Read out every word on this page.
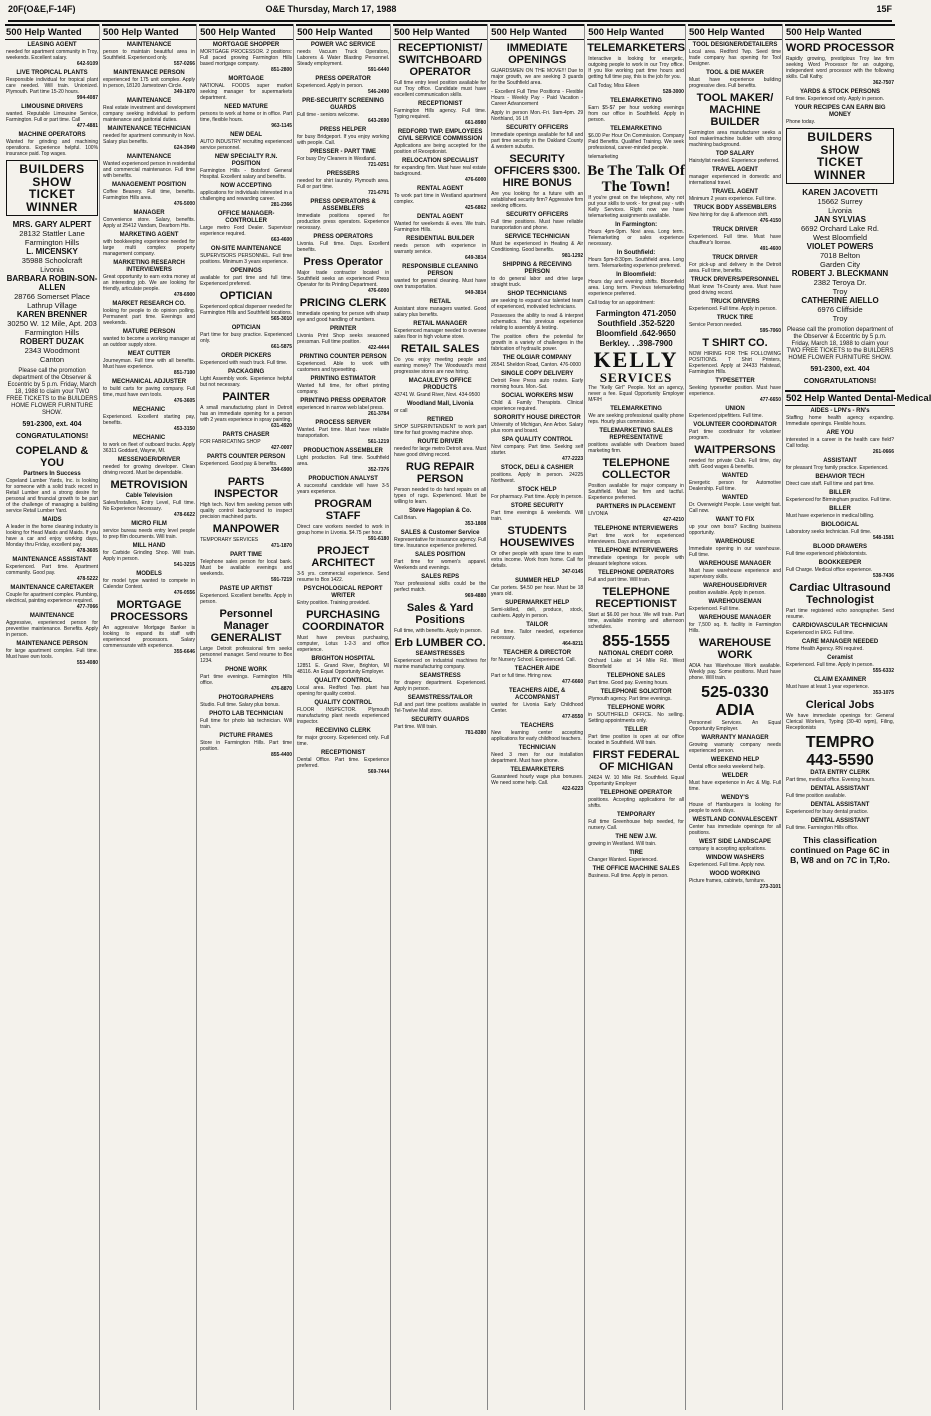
20F(O&E,F-14F)	O&E Thursday, March 17, 1988	15F
500 Help Wanted
LEASING AGENT
needed for apartment community in Troy, weekends. Excellent salary.
642-9109
LIVE TROPICAL PLANTS
Responsible individual for tropical plant care needed. Will train. Unionized. Plymouth. Part time 15-20 hours.
994-4087
LIMOUSINE DRIVERS
wanted. Reputable Limousine Service, Farmington. Full or part time. Call
477-4881
MACHINE OPERATORS
Wanted for grinding and machining operations. Experience helpful. 100% insurance paid. Top wages.
BUILDERS
SHOW
TICKET
WINNER
MRS. GARY ALPERT
28132 Stattler Lane
Farmington Hills
L. MICENSKY
35988 Schoolcraft
Livonia
BARBARA ROBIN-SON-ALLEN
28766 Somerset Place
Lathrup Village
KAREN BRENNER
30250 W. 12 Mile, Apt. 203
Farmington Hills
ROBERT DUZAK
2343 Woodmont
Canton
Please call the promotion department of the Observer & Eccentric by 5 p.m. Friday, March 18, 1988 to claim your TWO FREE TICKETS to the BUILDERS HOME FLOWER FURNITURE SHOW.
591-2300, ext. 404
CONGRATULATIONS!
COPELAND & YOU
Partners In Success
Copeland Lumber Yards, Inc. is looking for someone with a solid track record in Retail Lumber and a strong desire for personal and financial growth to be part of the challenge of managing a building service Retail Lumber Yard.
MAIDS
A leader in the home cleaning industry is looking for Head Maids and Maids. If you have a car and enjoy working days, Monday thru Friday, excellent pay.
478-3605
MAINTENANCE ASSISTANT
Experienced. Part time. Apartment community. Good pay.
478-5222
MAINTENANCE CARETAKER
Couple for apartment complex. Plumbing, electrical, painting experience required.
477-7066
MAINTENANCE
Aggressive, experienced person for preventive maintenance. Benefits. Apply in person.
MAINTENANCE PERSON
for large apartment complex. Full time. Must have own tools.
553-4080
500 Help Wanted
MAINTENANCE
person to maintain beautiful area in Southfield. Experienced only.
557-0266
MAINTENANCE PERSON
experienced for 175 unit complex. Apply in person, 18120 Jamestown Circle.
349-1870
MAINTENANCE
Real estate investment and development company seeking individual to perform maintenance and janitorial duties.
MAINTENANCE TECHNICIAN
needed for apartment community in Novi. Salary plus benefits.
624-3949
MAINTENANCE
Wanted experienced person in residential and commercial maintenance. Full time with benefits.
MANAGEMENT POSITION
Coffee Beanery. Full time, benefits. Farmington Hills area.
476-5000
MANAGER
Convenience store. Salary, benefits. Apply at 25412 Vandam, Dearborn Hts.
MARKETING AGENT
with bookkeeping experience needed for large multi complex property management company.
MARKETING RESEARCH INTERVIEWERS
Great opportunity to earn extra money at an interesting job. We are looking for friendly, articulate people.
478-6900
MARKET RESEARCH CO.
looking for people to do opinion polling. Permanent part time. Evenings and weekends.
MATURE PERSON
wanted to become a working manager at an outdoor supply store.
MEAT CUTTER
Journeyman. Full time with all benefits. Must have experience.
851-7100
MECHANICAL ADJUSTER
to build carts for paving company. Full time, must have own tools.
476-3605
MECHANIC
Experienced. Excellent starting pay, benefits.
453-3150
MECHANIC
to work on fleet of outboard trucks. Apply 36311 Goddard, Wayne, MI.
MESSENGER/DRIVER
needed for growing developer. Clean driving record. Must be dependable.
METROVISION
Cable Television
Sales/Installers, Entry Level, Full time. No Experience Necessary.
478-6622
MICRO FILM
service bureau needs entry level people to prep film documents. Will train.
MILL HAND
for Carbide Grinding Shop. Will train. Apply in person.
541-3215
MODELS
for model type wanted to compete in Calendar Contest.
476-0556
MORTGAGE PROCESSORS
An aggressive Mortgage Banker is looking to expand its staff with experienced processors. Salary commensurate with experience.
355-6646
500 Help Wanted
MORTGAGE SHOPPER
MORTGAGE PROCESSOR. 2 positions: Full paced growing Farmington Hills based mortgage company.
851-2800
MORTGAGE
NATIONAL FOODS super market seeking manager for supermarkets department.
NEED MATURE
persons to work at home or in office. Part time, flexible hours.
963-1145
NEW DEAL
AUTO INDUSTRY recruiting experienced service personnel.
NEW SPECIALTY R.N. POSITION
Farmington Hills - Botsford General Hospital. Excellent salary and benefits.
NOW ACCEPTING
applications for individuals interested in a challenging and rewarding career.
281-2366
OFFICE MANAGER-CONTROLLER
Large metro Ford Dealer. Supervisor experience required.
663-4600
ON-SITE MAINTENANCE
SUPERVISORS PERSONNEL. Full time positions. Minimum 3 years experience.
OPENINGS
available for part time and full time. Experienced preferred.
OPTICIAN
Experienced optical dispenser needed for Farmington Hills and Southfield locations.
565-3010
OPTICIAN
Part time for busy practice. Experienced only.
661-5875
ORDER PICKERS
Experienced with reach truck. Full time.
PACKAGING
Light Assembly work. Experience helpful but not necessary.
PAINTER
A small manufacturing plant in Detroit has an immediate opening for a person with 2 years experience in spray painting.
631-4920
PARTS CHASER
FOR FABRICATING SHOP
427-0007
PARTS COUNTER PERSON
Experienced. Good pay & benefits.
334-6900
PARTS INSPECTOR
High tech. Novi firm seeking person with quality control background to inspect precision machined parts.
MANPOWER
TEMPORARY SERVICES
471-1870
PART TIME
Telephone sales person for local bank. Must be available evenings and weekends.
591-7219
PASTE UP ARTIST
Experienced. Excellent benefits. Apply in person.
Personnel Manager GENERALIST
Large Detroit professional firm seeks personnel manager. Send resume to Box 1234.
PHONE WORK
Part time evenings. Farmington Hills office.
476-8870
PHOTOGRAPHERS
Studio. Full time. Salary plus bonus.
PHOTO LAB TECHNICIAN
Full time for photo lab technician. Will train.
PICTURE FRAMES
Store in Farmington Hills. Part time position.
855-4400
500 Help Wanted
POWER VAC SERVICE
needs Vacuum Truck Operators, Laborers & Water Blasting Personnel. Steady employment.
591-6440
PRESS OPERATOR
Experienced. Apply in person.
546-2490
PRE-SECURITY SCREENING GUARDS
Full time - seniors welcome.
643-2690
PRESS HELPER
for busy Bridgeport. If you enjoy working with people. Call.
PRESSER - PART TIME
For busy Dry Cleaners in Westland.
721-0251
PRESSERS
needed for shirt laundry. Plymouth area. Full or part time.
721-6791
PRESS OPERATORS & ASSEMBLERS
Immediate positions opened for production press operators. Experience necessary.
PRESS OPERATORS
Livonia. Full time. Days. Excellent benefits.
Press Operator
Major trade contractor located in Southfield seeks an experienced Press Operator for its Printing Department.
476-6000
PRICING CLERK
Immediate opening for person with sharp eye and good handling of numbers.
PRINTER
Livonia Print Shop seeks seasoned pressman. Full time position.
422-4444
PRINTING COUNTER PERSON
Experienced. Able to work with customers and typesetting.
PRINTING ESTIMATOR
Wanted full time, for offset printing company.
PRINTING PRESS OPERATOR
experienced in narrow web label press.
261-3784
PROCESS SERVER
Wanted. Part time. Must have reliable transportation.
561-1219
PRODUCTION ASSEMBLER
Light production. Full time. Southfield area.
352-7376
PRODUCTION ANALYST
A successful candidate will have 3-5 years experience.
PROGRAM STAFF
Direct care workers needed to work in group home in Livonia. $4.75 per hour.
591-6180
PROJECT ARCHITECT
3-5 yrs. commercial experience. Send resume to Box 1422.
PSYCHOLOGICAL REPORT WRITER
Entry position. Training provided.
PURCHASING COORDINATOR
Must have previous purchasing, computer, Lotus 1-2-3 and office experience.
BRIGHTON HOSPITAL
12851 E. Grand River, Brighton, MI 48116. An Equal Opportunity Employer.
QUALITY CONTROL
Local area. Redford Twp. plant has opening for quality control.
QUALITY CONTROL
FLOOR INSPECTOR. Plymouth manufacturing plant needs experienced inspector.
RECEIVING CLERK
for major grocery. Experienced only. Full time.
RECEPTIONIST
Dental Office. Part time. Experience preferred.
569-7444
500 Help Wanted
RECEPTIONIST/ SWITCHBOARD OPERATOR
Full time entry level position available for our Troy office. Candidate must have excellent communication skills.
RECEPTIONIST
Farmington Hills agency. Full time. Typing required.
661-8980
REDFORD TWP. EMPLOYEES CIVIL SERVICE COMMISSION
Applications are being accepted for the position of Receptionist.
RELOCATION SPECIALIST
for expanding firm. Must have real estate background.
476-6000
RENTAL AGENT
To work part time in Westland apartment complex.
425-6862
DENTAL AGENT
Wanted for weekends & eves. We train. Farmington Hills.
RESIDENTIAL BUILDER
needs person with experience in warranty service.
649-3814
RESPONSIBLE CLEANING PERSON
wanted for general cleaning. Must have own transportation.
949-3814
RETAIL
Assistant store managers wanted. Good salary plus benefits.
RETAIL MANAGER
Experienced manager needed to oversee sales floor in high volume store.
RETAIL SALES
Do you enjoy meeting people and earning money? The Woodward's most progressive stores are now hiring.
MACAULEY'S OFFICE PRODUCTS
43741 W. Grand River, Novi. 434-9500
Woodland Mall, Livonia
or call
RETIRED
SHOP SUPERINTENDENT to work part time for fast growing machine shop.
ROUTE DRIVER
needed for large metro Detroit area. Must have good driving record.
RUG REPAIR PERSON
Person needed to do hand repairs on all types of rugs. Experienced. Must be willing to learn.
Steve Hagopian & Co.
Call Brian.
353-1808
SALES & Customer Service
Representative for insurance agency. Full time. Insurance experience preferred.
SALES POSITION
Part time for women's apparel. Weekends and evenings.
SALES REPS
Your professional skills could be the perfect match.
969-4880
Sales & Yard Positions
Full time, with benefits. Apply in person.
Erb LUMBER CO.
SEAMSTRESSES
Experienced on industrial machines for marine manufacturing company.
SEAMSTRESS
for drapery department. Experienced. Apply in person.
SEAMSTRESS/TAILOR
Full and part time positions available in Tel-Twelve Mall store.
SECURITY GUARDS
Part time. Will train.
781-8380
500 Help Wanted
IMMEDIATE OPENINGS
GUARDSMEN ON THE MOVE!!! Due to major growth, we are seeking 3 guards for the Southfield area.
- Excellent Full Time Positions - Flexible Hours - Weekly Pay - Paid Vacation - Career Advancement
Apply in person Mon.-Fri. 9am-4pm. 29 Northland, 16 Lfl
SECURITY OFFICERS
Immediate openings available for full and part time security in the Oakland County & western suburbs.
SECURITY OFFICERS $300. HIRE BONUS
Are you looking for a future with an established security firm? Aggressive firm seeking officers.
SECURITY OFFICERS
Full time positions. Must have reliable transportation and phone.
SERVICE TECHNICIAN
Must be experienced in Heating & Air Conditioning. Good benefits.
981-1292
SHIPPING & RECEIVING PERSON
to do general labor and drive large straight truck.
SHOP TECHNICIANS
are seeking to expand our talented team of experienced, motivated technicians.
Possesses the ability to read & interpret schematics. Has previous experience relating to assembly & testing.
The position offers the potential for growth in a variety of challenges in the fabrication of hydraulic power.
THE OLGIAR COMPANY
26541 Sheldon Road, Canton. 476-0000
SINGLE COPY DELIVERY
Detroit Free Press auto routes. Early morning hours. Mon.-Sat.
SOCIAL WORKERS MSW
Child & Family Therapists. Clinical experience required.
SORORITY HOUSE DIRECTOR
University of Michigan, Ann Arbor. Salary plus room and board.
SPA QUALITY CONTROL
Novi company. Part time. Seeking self starter.
477-2223
STOCK, DELI & CASHIER
positions. Apply in person. 24225 Northwest.
STOCK HELP
For pharmacy. Part time. Apply in person.
STORE SECURITY
Part time evenings & weekends. Will train.
STUDENTS HOUSEWIVES
Or other people with spare time to earn extra income. Work from home. Call for details.
347-0145
SUMMER HELP
Car porters. $4.50 per hour. Must be 18 years old.
SUPERMARKET HELP
Semi-skilled, deli, produce, stock, cashiers. Apply in person.
TAILOR
Full time. Tailor needed, experience necessary.
464-8211
TEACHER & DIRECTOR
for Nursery School. Experienced. Call.
TEACHER AIDE
Part or full time. Hiring now.
477-6660
TEACHERS AIDE, & ACCOMPANIST
wanted for Livonia Early Childhood Center.
477-8550
TEACHERS
New learning center accepting applications for early childhood teachers.
TECHNICIAN
Need 3 men for our installation department. Must have phone.
TELEMARKETERS
Guaranteed hourly wage plus bonuses. We need some help. Call.
422-6223
500 Help Wanted
TELEMARKETERS
Interactive is looking for energetic, outgoing people to work in our Troy office. If you like working part time hours and getting full time pay, this is the job for you.
Call Today, Miss Eileen
528-3000
TELEMARKETING
Earn $5-$7 per hour working evenings from our office in Southfield. Apply in person.
TELEMARKETING
$6.00 Per Hour On Commission. Company Paid Benefits. Qualified Training. We seek professional, career-minded people.
telemarketing
Be The Talk Of The Town!
If you're great on the telephone, why not put your skills to work - for great pay - with Kelly Services. Right now we have telemarketing assignments available.
In Farmington:
Hours 4pm-9pm. Novi area. Long term. Telemarketing or sales experience necessary.
In Southfield:
Hours 5pm-8:30pm. Southfield area. Long term. Telemarketing experience preferred.
In Bloomfield:
Hours day and evening shifts. Bloomfield area. Long term. Previous telemarketing experience preferred.
Call today for an appointment:
Farmington 471-2050
Southfield .352-5220
Bloomfield .642-9650
Berkley. . .398-7900
KELLY
SERVICES
The "Kelly Girl" People. Not an agency, never a fee. Equal Opportunity Employer M/F/H
TELEMARKETING
We are seeking professional quality phone reps. Hourly plus commission.
TELEMARKETING SALES REPRESENTATIVE
positions available with Dearborn based marketing firm.
TELEPHONE COLLECTOR
Position available for major company in Southfield. Must be firm and tactful. Experience preferred.
PARTNERS IN PLACEMENT
LIVONIA
427-4210
TELEPHONE INTERVIEWERS
Part time work for experienced interviewers. Days and evenings.
TELEPHONE INTERVIEWERS
Immediate openings for people with pleasant telephone voices.
TELEPHONE OPERATORS
Full and part time. Will train.
TELEPHONE RECEPTIONIST
Start at $6.00 per hour. We will train. Part time, available morning and afternoon schedules.
855-1555
NATIONAL CREDIT CORP.
Orchard Lake at 14 Mile Rd. West Bloomfield
TELEPHONE SALES
Part time. Good pay. Evening hours.
TELEPHONE SOLICITOR
Plymouth agency. Part time evenings.
TELEPHONE WORK
in SOUTHFIELD OFFICE. No selling. Setting appointments only.
TELLER
Part time position is open at our office located in Southfield. Will train.
FIRST FEDERAL OF MICHIGAN
24624 W. 10 Mile Rd. Southfield. Equal Opportunity Employer
TELEPHONE OPERATOR
positions. Accepting applications for all shifts.
TEMPORARY
Full time Greenhouse help needed, for nursery. Call.
THE NEW J.W.
growing in Westland. Will train.
TIRE
Changer Wanted. Experienced.
THE OFFICE MACHINE SALES
Business. Full time. Apply in person.
500 Help Wanted
TOOL DESIGNER/DETAILERS
Local area. Redford Twp. Seed time trade company has opening for Tool Designer.
TOOL & DIE MAKER
Must have experience building progressive dies. Full benefits.
TOOL MAKER/ MACHINE BUILDER
Farmington area manufacturer seeks a tool maker/machine builder with strong machining background.
TOP SALARY
Hairstylist needed. Experience preferred.
TRAVEL AGENT
manager experienced in domestic and international travel.
TRAVEL AGENT
Minimum 2 years experience. Full time.
TRUCK BODY ASSEMBLERS
Now hiring for day & afternoon shift.
476-4150
TRUCK DRIVER
Experienced. Full time. Must have chauffeur's license.
491-4600
TRUCK DRIVER
For pick-up and delivery in the Detroit area. Full time, benefits.
TRUCK DRIVERS/PERSONNEL
Must know Tri-County area. Must have good driving record.
TRUCK DRIVERS
Experienced. Full time. Apply in person.
TRUCK TIRE
Service Person needed.
595-7060
T SHIRT CO.
NOW HIRING FOR THE FOLLOWING POSITIONS. T Shirt Printers, Experienced. Apply at 24433 Halstead, Farmington Hills.
TYPESETTER
Seeking typesetter position. Must have experience.
477-6650
UNION
Experienced pipefitters. Full time.
VOLUNTEER COORDINATOR
Part time coordinator for volunteer program.
WAITPERSONS
needed for private Club. Full time, day shift. Good wages & benefits.
WANTED
Energetic person for Automotive Dealership. Full time.
WANTED
Dr. Overweight People. Lose weight fast. Call now.
WANT TO FIX
up your own boss? Exciting business opportunity.
WAREHOUSE
Immediate opening in our warehouse. Full time.
WAREHOUSE MANAGER
Must have warehouse experience and supervisory skills.
WAREHOUSE/DRIVER
position available. Apply in person.
WAREHOUSEMAN
Experienced. Full time.
WAREHOUSE MANAGER
for 7,500 sq. ft. facility in Farmington Hills.
WAREHOUSE WORK
ADIA has Warehouse Work available. Weekly pay. Some positions. Must have phone. Will train.
525-0330
ADIA
Personnel Services. An Equal Opportunity Employer.
WARRANTY MANAGER
Growing warranty company needs experienced person.
WEEKEND HELP
Dental office seeks weekend help.
WELDER
Must have experience in Arc & Mig. Full time.
WENDY'S
House of Hamburgers is looking for people to work days.
WESTLAND CONVALESCENT
Center has immediate openings for all positions.
WEST SIDE LANDSCAPE
company is accepting applications.
WINDOW WASHERS
Experienced. Full time. Apply now.
WOOD WORKING
Picture frames, cabinets, furniture.
273-3101
500 Help Wanted
WORD PROCESSOR
Rapidly growing, prestigious Troy law firm seeking Word Processor for an outgoing, independent word processor with the following skills. Call Kathy.
362-7507
YARDS & STOCK PERSONS
Full time. Experienced only. Apply in person.
YOUR RECIPES CAN EARN BIG MONEY
Phone today.
BUILDERS
SHOW
TICKET
WINNER
KAREN JACOVETTI
15662 Surrey
Livonia
JAN SYLVIAS
6692 Orchard Lake Rd.
West Bloomfield
VIOLET POWERS
7018 Belton
Garden City
ROBERT J. BLECKMANN
2382 Teroya Dr.
Troy
CATHERINE AIELLO
6976 Cliffside
Troy
Please call the promotion department of the Observer & Eccentric by 5 p.m. Friday, March 18, 1988 to claim your TWO FREE TICKETS to the BUILDERS HOME FLOWER FURNITURE SHOW.
591-2300, ext. 404
CONGRATULATIONS!
502 Help Wanted Dental-Medical
AIDES - LPN's - RN's
Staffing home health agency expanding. Immediate openings. Flexible hours.
ARE YOU
interested in a career in the health care field? Call today.
261-0666
ASSISTANT
for pleasant Troy family practice. Experienced.
BEHAVIOR TECH
Direct care staff. Full time and part time.
BILLER
Experienced for Birmingham practice. Full time.
BILLER
Must have experience in medical billing.
BIOLOGICAL
Laboratory seeks technician. Full time.
548-1581
BLOOD DRAWERS
Full time experienced phlebotomists.
BOOKKEEPER
Full Charge. Medical office experience.
538-7436
Cardiac Ultrasound Technologist
Part time registered echo sonographer. Send resume.
CARDIOVASCULAR TECHNICIAN
Experienced in EKG. Full time.
CARE MANAGER NEEDED
Home Health Agency. RN required.
Ceramist
Experienced. Full time. Apply in person.
555-6332
CLAIM EXAMINER
Must have at least 1 year experience.
353-1075
Clerical Jobs
We have immediate openings for: General Clerical Workers, Typing (30-40 wpm), Filing, Receptionists
TEMPRO
443-5590
DATA ENTRY CLERK
Part time, medical office. Evening hours.
DENTAL ASSISTANT
Full time position available.
DENTAL ASSISTANT
Experienced for busy dental practice.
DENTAL ASSISTANT
Full time. Farmington Hills office.
This classification continued on Page 6C in B, W8 and on 7C in T,Ro.
